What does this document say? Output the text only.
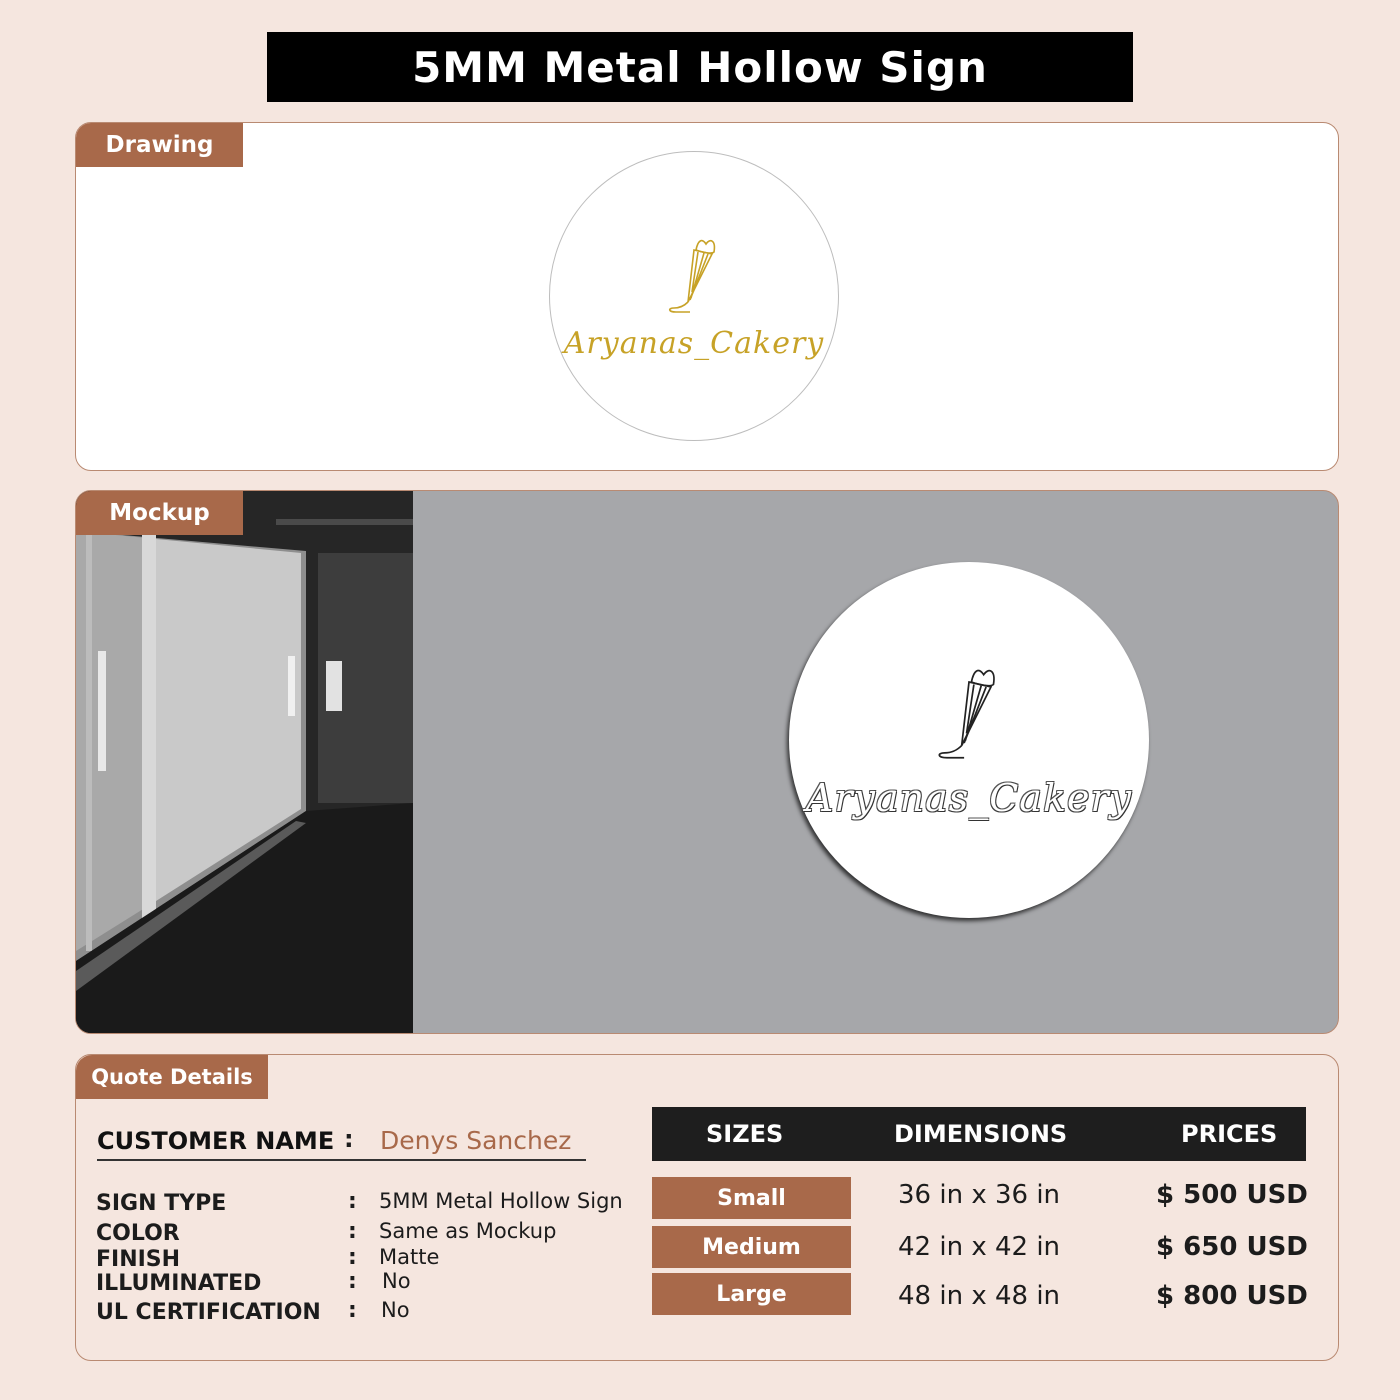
5MM Metal Hollow Sign
Drawing
Aryanas_Cakery
Mockup
Aryanas_Cakery
Quote Details
CUSTOMER NAME : Denys Sanchez
SIGN TYPE	: 5MM Metal Hollow Sign
COLOR	: Same as Mockup
FINISH	: Matte
ILLUMINATED	: No
UL CERTIFICATION : No
SIZES	DIMENSIONS	PRICES
Small	36 in x 36 in	$ 500 USD
Medium	42 in x 42 in	$ 650 USD
Large	48 in x 48 in	$ 800 USD
